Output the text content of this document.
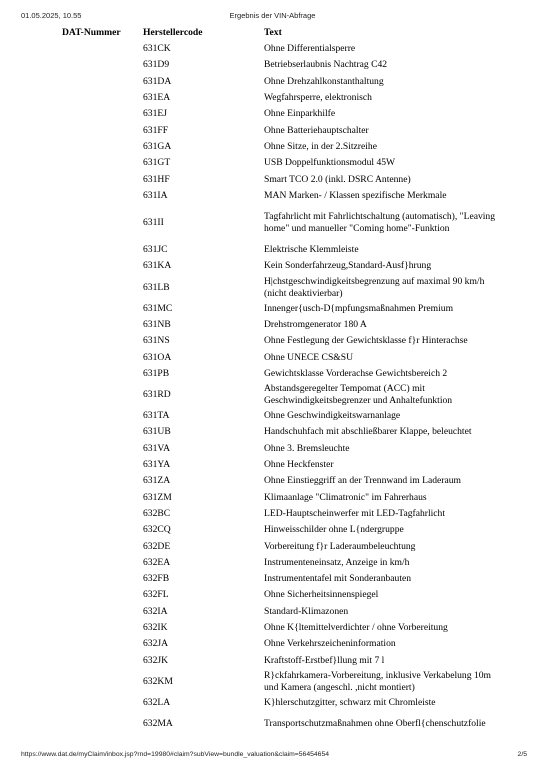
01.05.2025, 10.55	Ergebnis der VIN-Abfrage
DAT-Nummer	Herstellercode	Text
	631CK	Ohne Differentialsperre
	631D9	Betriebserlaubnis Nachtrag C42
	631DA	Ohne Drehzahlkonstanthaltung
	631EA	Wegfahrsperre, elektronisch
	631EJ	Ohne Einparkhilfe
	631FF	Ohne Batteriehauptschalter
	631GA	Ohne Sitze, in der 2.Sitzreihe
	631GT	USB Doppelfunktionsmodul 45W
	631HF	Smart TCO 2.0 (inkl. DSRC Antenne)
	631IA	MAN Marken- / Klassen spezifische Merkmale
	631II	Tagfahrlicht mit Fahrlichtschaltung (automatisch), "Leaving home" und manueller "Coming home"-Funktion
	631JC	Elektrische Klemmleiste
	631KA	Kein Sonderfahrzeug,Standard-Ausf}hrung
	631LB	H|chstgeschwindigkeitsbegrenzung auf maximal 90 km/h (nicht deaktivierbar)
	631MC	Innenger{usch-D{mpfungsmaßnahmen Premium
	631NB	Drehstromgenerator 180 A
	631NS	Ohne Festlegung der Gewichtsklasse f}r Hinterachse
	631OA	Ohne UNECE CS&SU
	631PB	Gewichtsklasse Vorderachse Gewichtsbereich 2
	631RD	Abstandsgeregelter Tempomat (ACC) mit Geschwindigkeitsbegrenzer und Anhaltefunktion
	631TA	Ohne Geschwindigkeitswarnanlage
	631UB	Handschuhfach mit abschließbarer Klappe, beleuchtet
	631VA	Ohne 3. Bremsleuchte
	631YA	Ohne Heckfenster
	631ZA	Ohne Einstieggriff an der Trennwand im Laderaum
	631ZM	Klimaanlage "Climatronic" im Fahrerhaus
	632BC	LED-Hauptscheinwerfer mit LED-Tagfahrlicht
	632CQ	Hinweisschilder ohne L{ndergruppe
	632DE	Vorbereitung f}r Laderaumbeleuchtung
	632EA	Instrumenteneinsatz, Anzeige in km/h
	632FB	Instrumententafel mit Sonderanbauten
	632FL	Ohne Sicherheitsinnenspiegel
	632IA	Standard-Klimazonen
	632IK	Ohne K{ltemittelverdichter / ohne Vorbereitung
	632JA	Ohne Verkehrszeicheninformation
	632JK	Kraftstoff-Erstbef}llung mit 7 l
	632KM	R}ckfahrkamera-Vorbereitung, inklusive Verkabelung 10m und Kamera (angeschl. ,nicht montiert)
	632LA	K}hlerschutzgitter, schwarz mit Chromleiste
	632MA	Transportschutzmaßnahmen ohne Oberfl{chenschutzfolie
https://www.dat.de/myClaim/inbox.jsp?rnd=19980#claim?subView=bundle_valuation&claim=56454654	2/5
